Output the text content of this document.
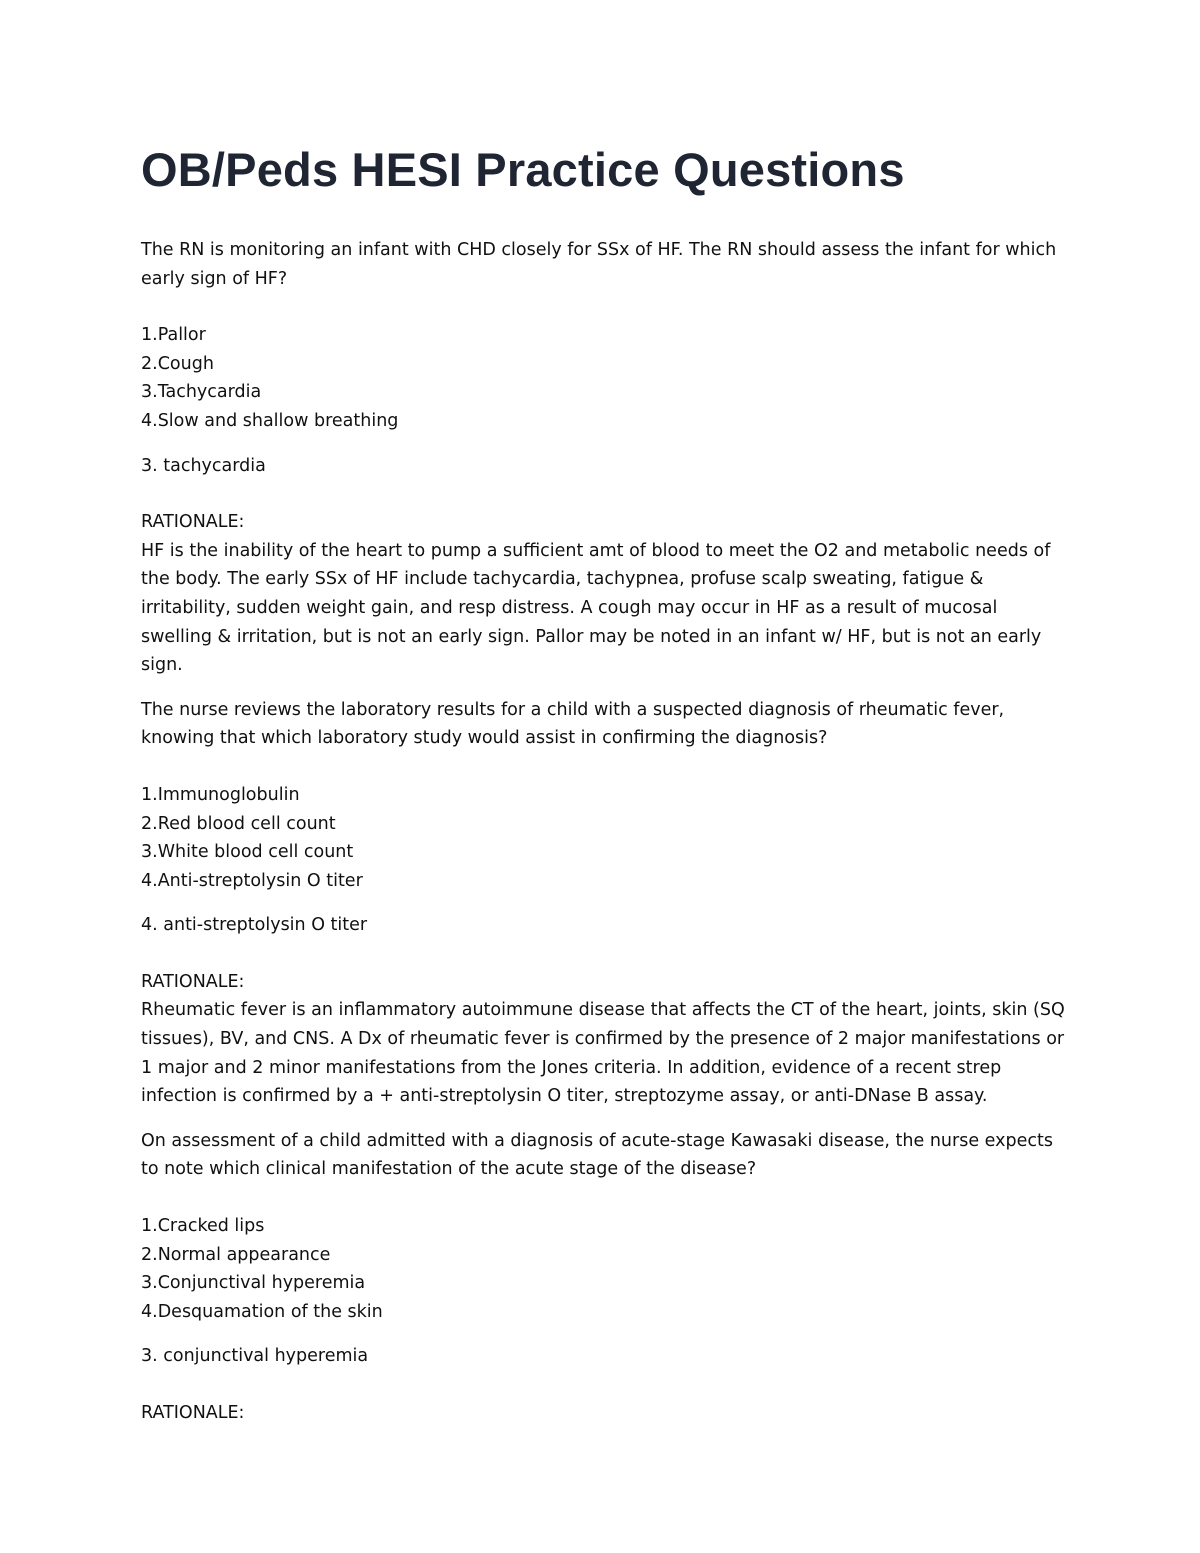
OB/Peds HESI Practice Questions

The RN is monitoring an infant with CHD closely for SSx of HF. The RN should assess the infant for which early sign of HF?

1.Pallor
2.Cough
3.Tachycardia
4.Slow and shallow breathing

3. tachycardia

RATIONALE:

HF is the inability of the heart to pump a sufficient amt of blood to meet the O2 and metabolic needs of the body. The early SSx of HF include tachycardia, tachypnea, profuse scalp sweating, fatigue & irritability, sudden weight gain, and resp distress. A cough may occur in HF as a result of mucosal swelling & irritation, but is not an early sign. Pallor may be noted in an infant w/ HF, but is not an early sign.

The nurse reviews the laboratory results for a child with a suspected diagnosis of rheumatic fever, knowing that which laboratory study would assist in confirming the diagnosis?

1.Immunoglobulin
2.Red blood cell count
3.White blood cell count
4.Anti-streptolysin O titer

4. anti-streptolysin O titer

RATIONALE:

Rheumatic fever is an inflammatory autoimmune disease that affects the CT of the heart, joints, skin (SQ tissues), BV, and CNS. A Dx of rheumatic fever is confirmed by the presence of 2 major manifestations or 1 major and 2 minor manifestations from the Jones criteria. In addition, evidence of a recent strep infection is confirmed by a + anti-streptolysin O titer, streptozyme assay, or anti-DNase B assay.

On assessment of a child admitted with a diagnosis of acute-stage Kawasaki disease, the nurse expects to note which clinical manifestation of the acute stage of the disease?

1.Cracked lips
2.Normal appearance
3.Conjunctival hyperemia
4.Desquamation of the skin

3. conjunctival hyperemia

RATIONALE:
